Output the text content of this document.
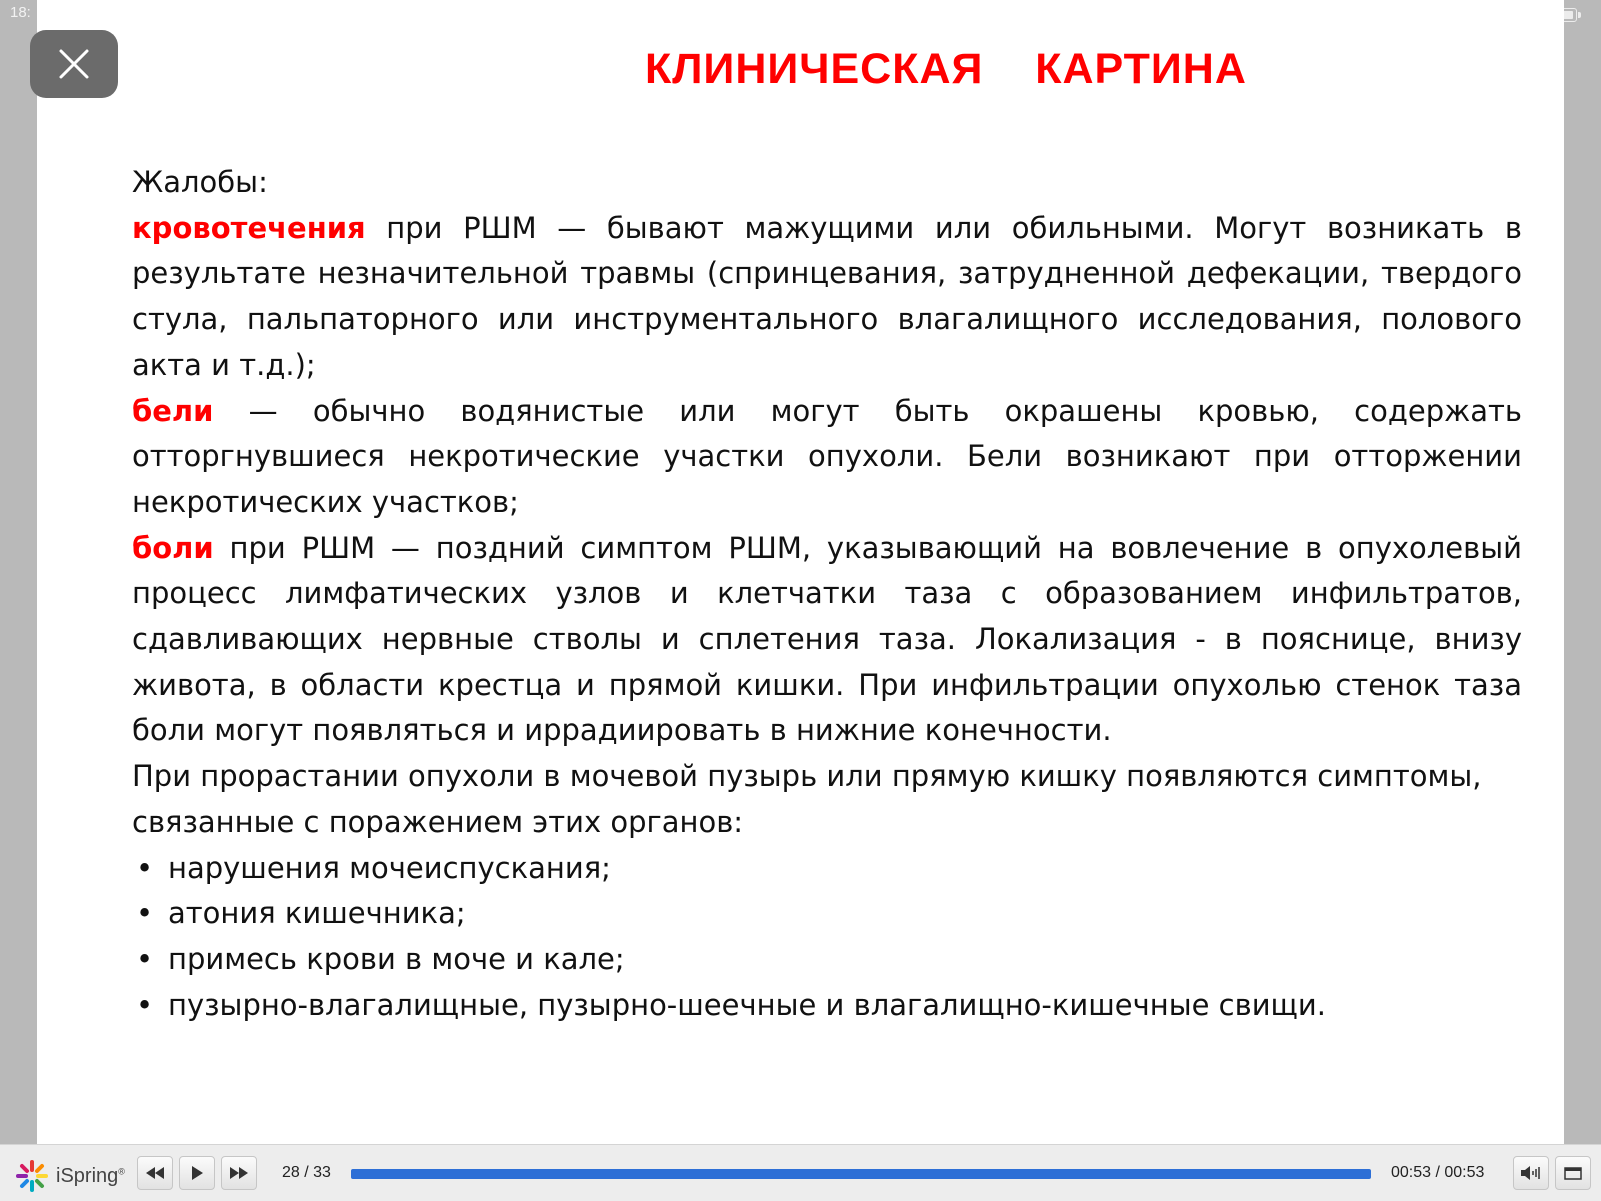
18:
КЛИНИЧЕСКАЯ    КАРТИНА

Жалобы:

кровотечения при РШМ — бывают мажущими или обильными. Могут возникать в результате незначительной травмы (спринцевания, затрудненной дефекации, твердого стула, пальпаторного или инструментального влагалищного исследования, полового акта и т.д.);

бели — обычно водянистые или могут быть окрашены кровью, содержать отторгнувшиеся некротические участки опухоли. Бели возникают при отторжении некротических участков;

боли при РШМ — поздний симптом РШМ, указывающий на вовлечение в опухолевый процесс лимфатических узлов и клетчатки таза с образованием инфильтратов, сдавливающих нервные стволы и сплетения таза. Локализация - в пояснице, внизу живота, в области крестца и прямой кишки. При инфильтрации опухолью стенок таза боли могут появляться и иррадиировать в нижние конечности.

При прорастании опухоли в мочевой пузырь или прямую кишку появляются симптомы, связанные с поражением этих органов:

• нарушения мочеиспускания;
• атония кишечника;
• примесь крови в моче и кале;
• пузырно-влагалищные, пузырно-шеечные и влагалищно-кишечные свищи.
iSpring®	28 / 33	00:53 / 00:53
